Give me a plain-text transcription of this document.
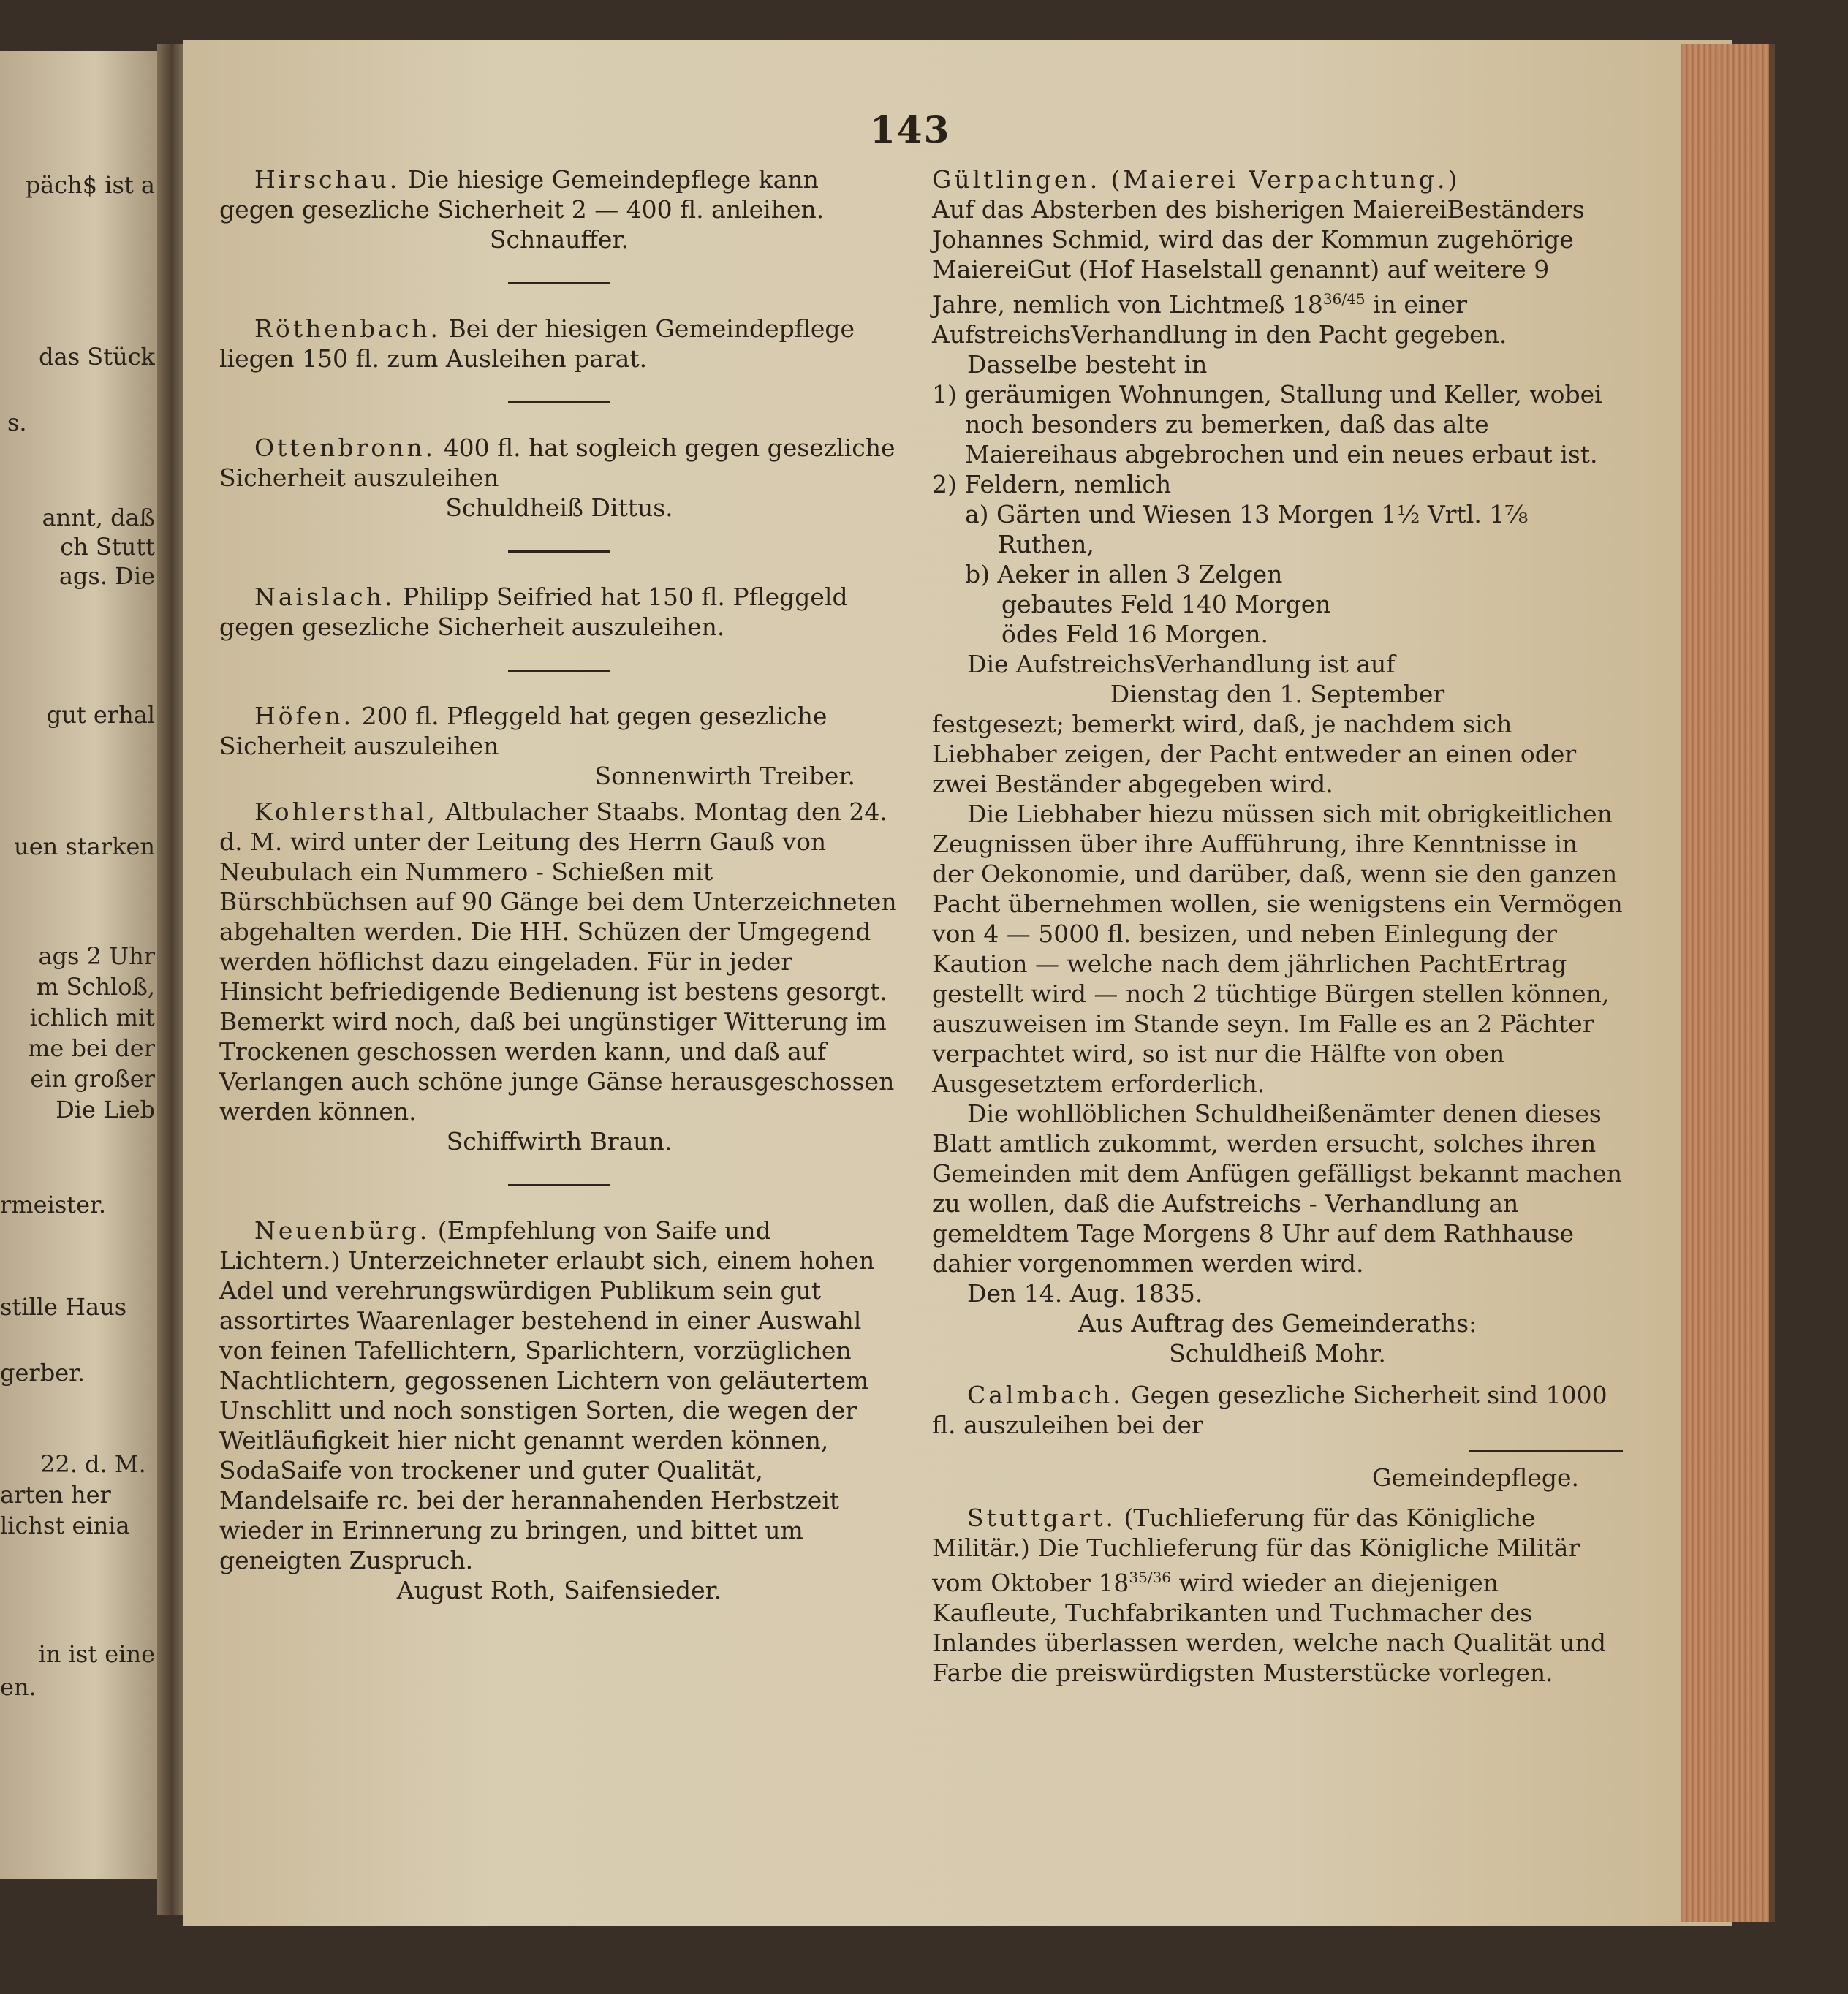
päch$ ist a
das Stück
s.
annt, daß
ch Stutt
ags. Die
gut erhal
uen starken
ags 2 Uhr
m Schloß,
ichlich mit
me bei der
ein großer
Die Lieb
rmeister.
stille Haus
gerber.
22. d. M.
arten her
lichst einia
in ist eine
en.
143

Hirschau. Die hiesige Gemeindepflege kann gegen gesezliche Sicherheit 2 — 400 fl. anleihen.

Schnauffer.

Röthenbach. Bei der hiesigen Gemeindepflege liegen 150 fl. zum Ausleihen parat.

Ottenbronn. 400 fl. hat sogleich gegen gesezliche Sicherheit auszuleihen

Schuldheiß Dittus.

Naislach. Philipp Seifried hat 150 fl. Pfleggeld gegen gesezliche Sicherheit auszuleihen.

Höfen. 200 fl. Pfleggeld hat gegen gesezliche Sicherheit auszuleihen

Sonnenwirth Treiber.

Kohlersthal, Altbulacher Staabs. Montag den 24. d. M. wird unter der Leitung des Herrn Gauß von Neubulach ein Nummero - Schießen mit Bürschbüchsen auf 90 Gänge bei dem Unterzeichneten abgehalten werden. Die HH. Schüzen der Umgegend werden höflichst dazu eingeladen. Für in jeder Hinsicht befriedigende Bedienung ist bestens gesorgt. Bemerkt wird noch, daß bei ungünstiger Witterung im Trockenen geschossen werden kann, und daß auf Verlangen auch schöne junge Gänse herausgeschossen werden können.

Schiffwirth Braun.

Neuenbürg. (Empfehlung von Saife und Lichtern.) Unterzeichneter erlaubt sich, einem hohen Adel und verehrungswürdigen Publikum sein gut assortirtes Waarenlager bestehend in einer Auswahl von feinen Tafellichtern, Sparlichtern, vorzüglichen Nachtlichtern, gegossenen Lichtern von geläutertem Unschlitt und noch sonstigen Sorten, die wegen der Weitläufigkeit hier nicht genannt werden können, SodaSaife von trockener und guter Qualität, Mandelsaife rc. bei der herannahenden Herbstzeit wieder in Erinnerung zu bringen, und bittet um geneigten Zuspruch.

August Roth, Saifensieder.

Gültlingen. (Maierei Verpachtung.)

Auf das Absterben des bisherigen MaiereiBeständers Johannes Schmid, wird das der Kommun zugehörige MaiereiGut (Hof Haselstall genannt) auf weitere 9 Jahre, nemlich von Lichtmeß $18^{36/45}$ in einer AufstreichsVerhandlung in den Pacht gegeben.

Dasselbe besteht in

1) geräumigen Wohnungen, Stallung und Keller, wobei noch besonders zu bemerken, daß das alte Maiereihaus abgebrochen und ein neues erbaut ist.

2) Feldern, nemlich

a) Gärten und Wiesen 13 Morgen 1½ Vrtl. 1⅞ Ruthen,

b) Aeker in allen 3 Zelgen

gebautes Feld 140 Morgen

ödes Feld 16 Morgen.

Die AufstreichsVerhandlung ist auf

Dienstag den 1. September

festgesezt; bemerkt wird, daß, je nachdem sich Liebhaber zeigen, der Pacht entweder an einen oder zwei Beständer abgegeben wird.

Die Liebhaber hiezu müssen sich mit obrigkeitlichen Zeugnissen über ihre Aufführung, ihre Kenntnisse in der Oekonomie, und darüber, daß, wenn sie den ganzen Pacht übernehmen wollen, sie wenigstens ein Vermögen von 4 — 5000 fl. besizen, und neben Einlegung der Kaution — welche nach dem jährlichen PachtErtrag gestellt wird — noch 2 tüchtige Bürgen stellen können, auszuweisen im Stande seyn. Im Falle es an 2 Pächter verpachtet wird, so ist nur die Hälfte von oben Ausgesetztem erforderlich.

Die wohllöblichen Schuldheißenämter denen dieses Blatt amtlich zukommt, werden ersucht, solches ihren Gemeinden mit dem Anfügen gefälligst bekannt machen zu wollen, daß die Aufstreichs - Verhandlung an gemeldtem Tage Morgens 8 Uhr auf dem Rathhause dahier vorgenommen werden wird.

Den 14. Aug. 1835.

Aus Auftrag des Gemeinderaths:

Schuldheiß Mohr.

Calmbach. Gegen gesezliche Sicherheit sind 1000 fl. auszuleihen bei der

Gemeindepflege.

Stuttgart. (Tuchlieferung für das Königliche Militär.) Die Tuchlieferung für das Königliche Militär vom Oktober $18^{35/36}$ wird wieder an diejenigen Kaufleute, Tuchfabrikanten und Tuchmacher des Inlandes überlassen werden, welche nach Qualität und Farbe die preiswürdigsten Musterstücke vorlegen.
